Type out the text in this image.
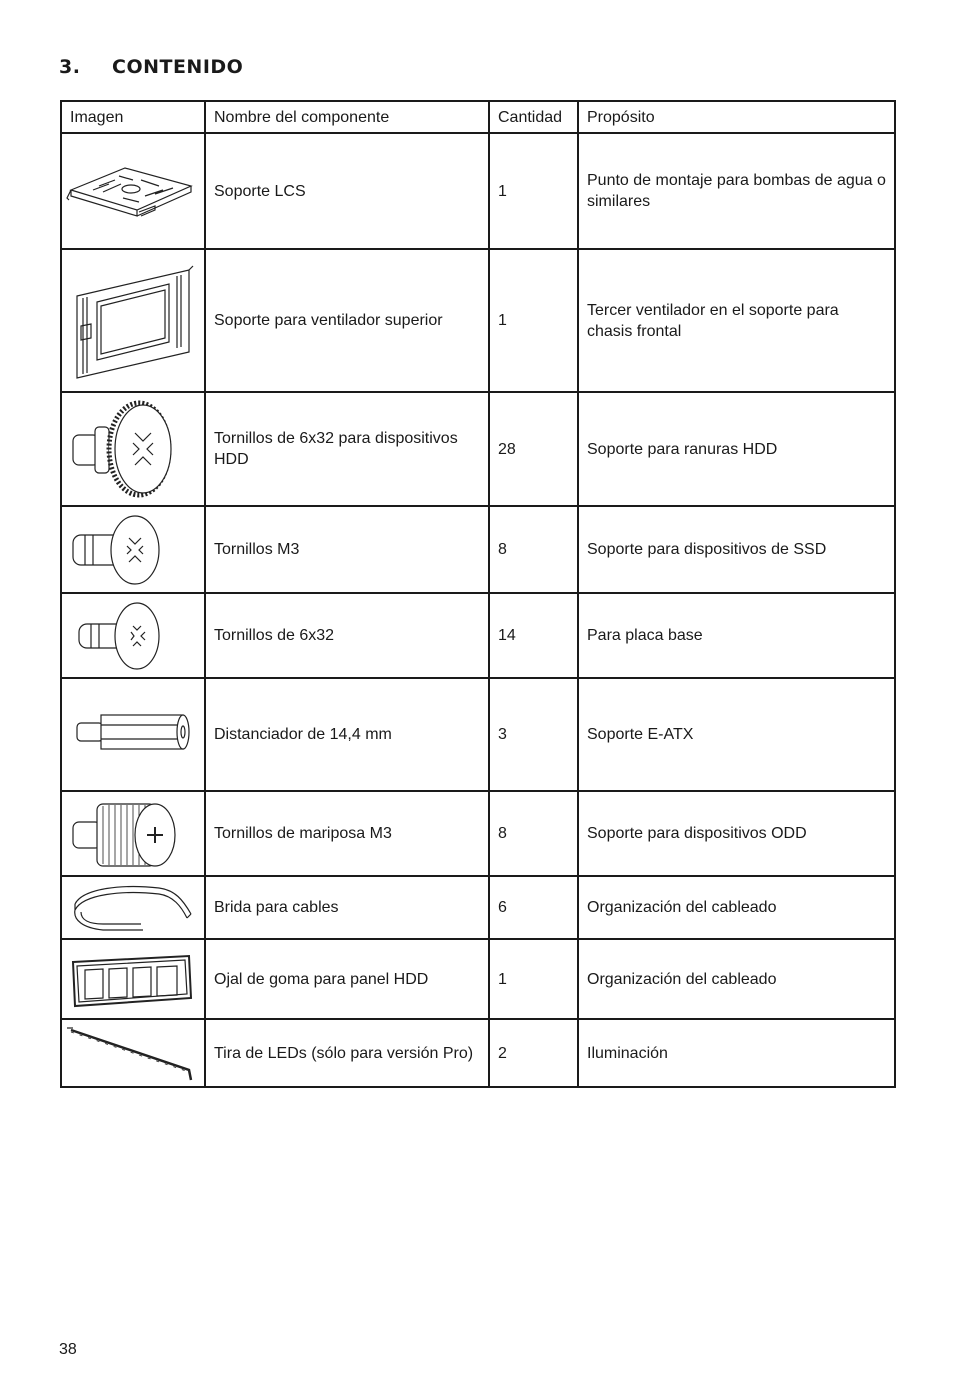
3. CONTENIDO
Imagen	Nombre del componente	Cantidad	Propósito

	Soporte LCS	1	Punto de montaje para bombas de agua o similares

	Soporte para ventilador superior	1	Tercer ventilador en el soporte para chasis frontal

	Tornillos de 6x32 para dispositivos HDD	28	Soporte para ranuras HDD

	Tornillos M3	8	Soporte para dispositivos de SSD

	Tornillos de 6x32	14	Para placa base

	Distanciador de 14,4 mm	3	Soporte E-ATX

	Tornillos de mariposa M3	8	Soporte para dispositivos ODD

	Brida para cables	6	Organización del cableado

	Ojal de goma para panel HDD	1	Organización del cableado

	Tira de LEDs (sólo para versión Pro)	2	Iluminación
38
